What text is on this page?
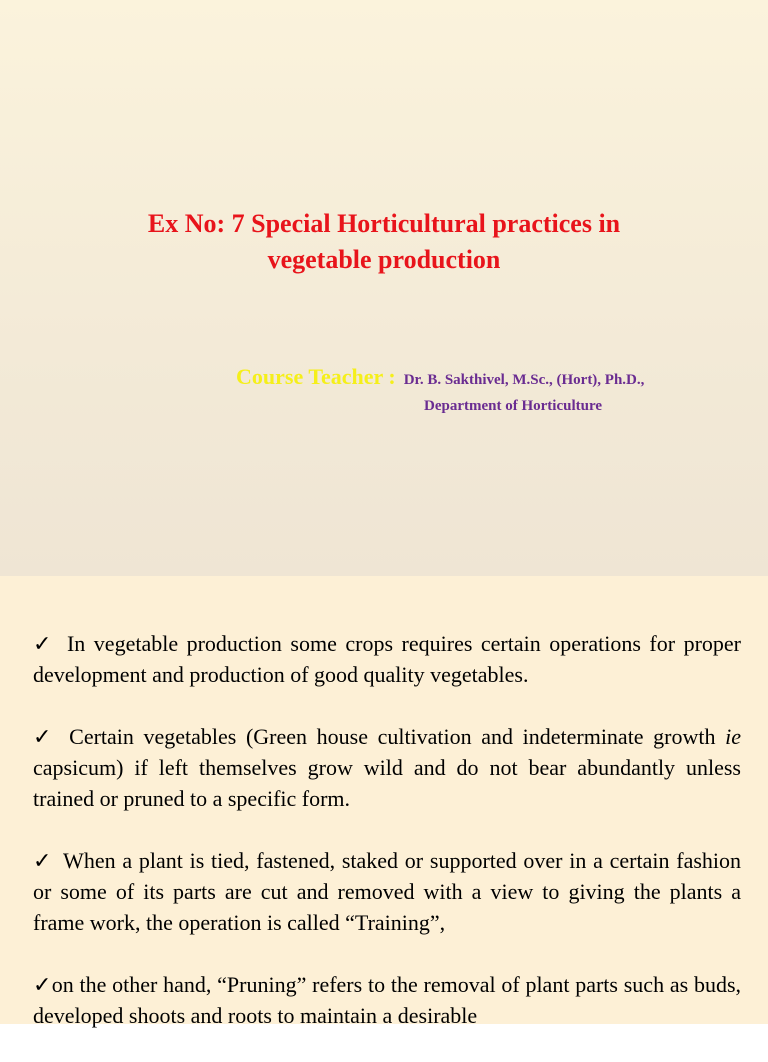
Ex No: 7 Special Horticultural practices in
vegetable production
Course Teacher : Dr. B. Sakthivel, M.Sc., (Hort), Ph.D.,
Department of Horticulture

✓ In vegetable production some crops requires certain operations for proper development and production of good quality vegetables.

✓ Certain vegetables (Green house cultivation and indeterminate growth ie capsicum) if left themselves grow wild and do not bear abundantly unless trained or pruned to a specific form.

✓ When a plant is tied, fastened, staked or supported over in a certain fashion or some of its parts are cut and removed with a view to giving the plants a frame work, the operation is called “Training”,

✓on the other hand, “Pruning” refers to the removal of plant parts such as buds, developed shoots and roots to maintain a desirable
